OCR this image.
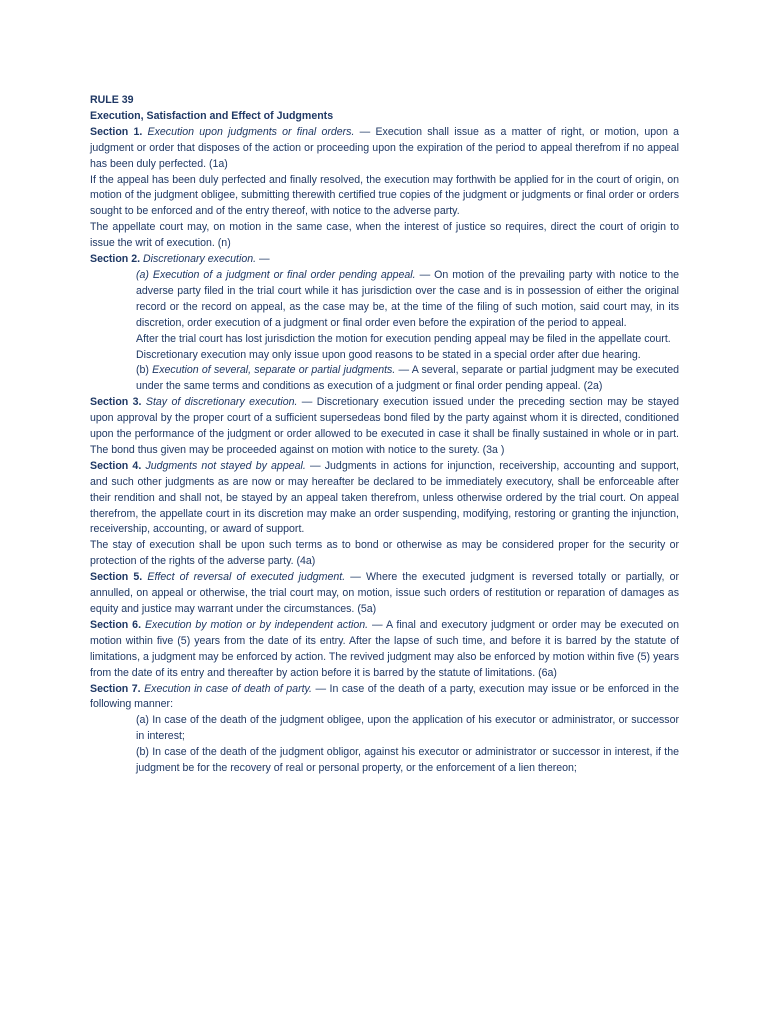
RULE 39

Execution, Satisfaction and Effect of Judgments

Section 1. Execution upon judgments or final orders. — Execution shall issue as a matter of right, or motion, upon a judgment or order that disposes of the action or proceeding upon the expiration of the period to appeal therefrom if no appeal has been duly perfected. (1a)

If the appeal has been duly perfected and finally resolved, the execution may forthwith be applied for in the court of origin, on motion of the judgment obligee, submitting therewith certified true copies of the judgment or judgments or final order or orders sought to be enforced and of the entry thereof, with notice to the adverse party.

The appellate court may, on motion in the same case, when the interest of justice so requires, direct the court of origin to issue the writ of execution. (n)

Section 2. Discretionary execution. —

(a) Execution of a judgment or final order pending appeal. — On motion of the prevailing party with notice to the adverse party filed in the trial court while it has jurisdiction over the case and is in possession of either the original record or the record on appeal, as the case may be, at the time of the filing of such motion, said court may, in its discretion, order execution of a judgment or final order even before the expiration of the period to appeal.

After the trial court has lost jurisdiction the motion for execution pending appeal may be filed in the appellate court.

Discretionary execution may only issue upon good reasons to be stated in a special order after due hearing.

(b) Execution of several, separate or partial judgments. — A several, separate or partial judgment may be executed under the same terms and conditions as execution of a judgment or final order pending appeal. (2a)

Section 3. Stay of discretionary execution. — Discretionary execution issued under the preceding section may be stayed upon approval by the proper court of a sufficient supersedeas bond filed by the party against whom it is directed, conditioned upon the performance of the judgment or order allowed to be executed in case it shall be finally sustained in whole or in part. The bond thus given may be proceeded against on motion with notice to the surety. (3a )

Section 4. Judgments not stayed by appeal. — Judgments in actions for injunction, receivership, accounting and support, and such other judgments as are now or may hereafter be declared to be immediately executory, shall be enforceable after their rendition and shall not, be stayed by an appeal taken therefrom, unless otherwise ordered by the trial court. On appeal therefrom, the appellate court in its discretion may make an order suspending, modifying, restoring or granting the injunction, receivership, accounting, or award of support.

The stay of execution shall be upon such terms as to bond or otherwise as may be considered proper for the security or protection of the rights of the adverse party. (4a)

Section 5. Effect of reversal of executed judgment. — Where the executed judgment is reversed totally or partially, or annulled, on appeal or otherwise, the trial court may, on motion, issue such orders of restitution or reparation of damages as equity and justice may warrant under the circumstances. (5a)

Section 6. Execution by motion or by independent action. — A final and executory judgment or order may be executed on motion within five (5) years from the date of its entry. After the lapse of such time, and before it is barred by the statute of limitations, a judgment may be enforced by action. The revived judgment may also be enforced by motion within five (5) years from the date of its entry and thereafter by action before it is barred by the statute of limitations. (6a)

Section 7. Execution in case of death of party. — In case of the death of a party, execution may issue or be enforced in the following manner:

(a) In case of the death of the judgment obligee, upon the application of his executor or administrator, or successor in interest;

(b) In case of the death of the judgment obligor, against his executor or administrator or successor in interest, if the judgment be for the recovery of real or personal property, or the enforcement of a lien thereon;
